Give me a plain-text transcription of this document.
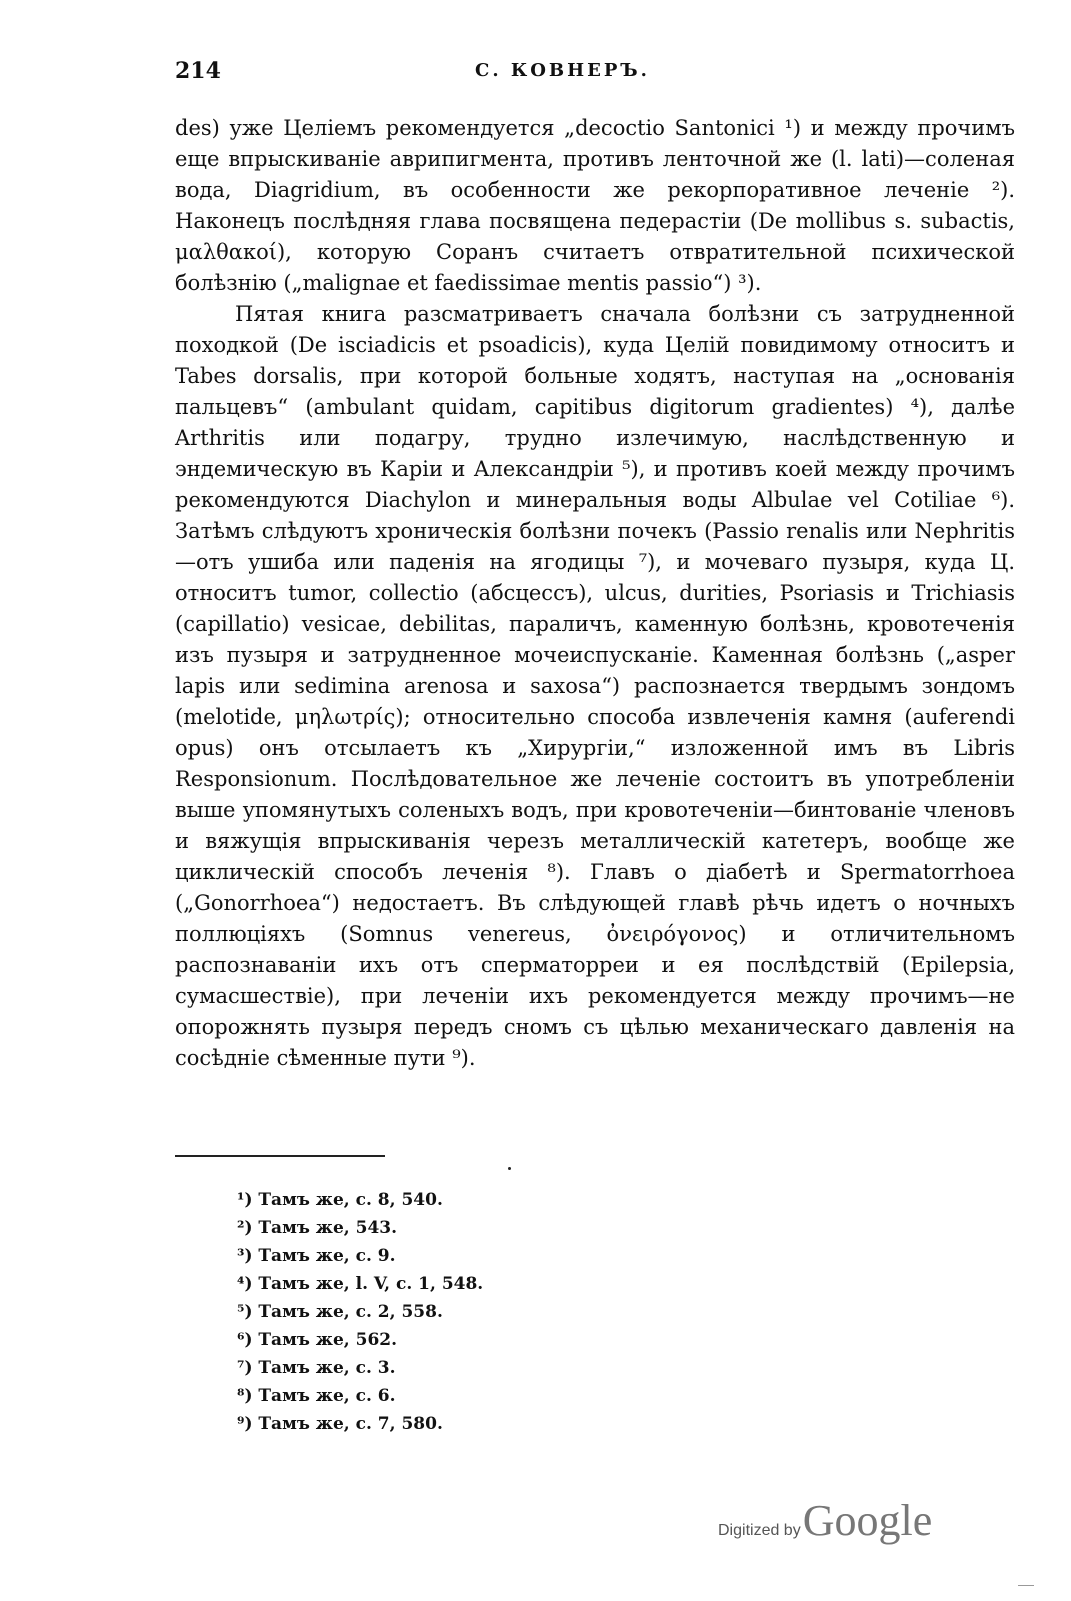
214	С. КОВНЕРЪ.

des) уже Целіемъ рекомендуется „decoctio Santonici ¹) и между прочимъ еще впрыскиваніе аврипигмента, противъ ленточной же (l. lati)—соленая вода, Diagridium, въ особенности же рекорпоративное леченіе ²). Наконецъ послѣдняя глава посвящена педерастіи (De mollibus s. subactis, μαλθακοί), которую Соранъ считаетъ отвратительной психической болѣзнію („malignae et faedissimae mentis passio“) ³).

Пятая книга разсматриваетъ сначала болѣзни съ затрудненной походкой (De isciadicis et psoadicis), куда Целій повидимому относитъ и Tabes dorsalis, при которой больные ходятъ, наступая на „основанія пальцевъ“ (ambulant quidam, capitibus digitorum gradientes) ⁴), далѣе Arthritis или подагру, трудно излечимую, наслѣдственную и эндемическую въ Каріи и Александріи ⁵), и противъ коей между прочимъ рекомендуются Diachylon и минеральныя воды Albulae vel Cotiliae ⁶). Затѣмъ слѣдуютъ хроническія болѣзни почекъ (Passio renalis или Nephritis—отъ ушиба или паденія на ягодицы ⁷), и мочеваго пузыря, куда Ц. относитъ tumor, collectio (абсцессъ), ulcus, durities, Psoriasis и Trichiasis (capillatio) vesicae, debilitas, параличъ, каменную болѣзнь, кровотеченія изъ пузыря и затрудненное мочеиспусканіе. Каменная болѣзнь („asper lapis или sedimina arenosa и saxosa“) распознается твердымъ зондомъ (melotide, μηλωτρίς); относительно способа извлеченія камня (auferendi opus) онъ отсылаетъ къ „Хирургіи,“ изложенной имъ въ Libris Responsionum. Послѣдовательное же леченіе состоитъ въ употребленіи выше упомянутыхъ соленыхъ водъ, при кровотеченіи—бинтованіе членовъ и вяжущія впрыскиванія черезъ металлическій катетеръ, вообще же циклическій способъ леченія ⁸). Главъ о діабетѣ и Spermatorrhoea („Gonorrhoea“) недостаетъ. Въ слѣдующей главѣ рѣчь идетъ о ночныхъ поллюціяхъ (Somnus venereus, ὀνειρόγονος) и отличительномъ распознаваніи ихъ отъ сперматорреи и ея послѣдствій (Epilepsia, сумасшествіе), при леченіи ихъ рекомендуется между прочимъ—не опорожнять пузыря передъ сномъ съ цѣлью механическаго давленія на сосѣдніе сѣменные пути ⁹).

¹) Тамъ же, с. 8, 540.
²) Тамъ же, 543.
³) Тамъ же, с. 9.
⁴) Тамъ же, l. V, c. 1, 548.
⁵) Тамъ же, с. 2, 558.
⁶) Тамъ же, 562.
⁷) Тамъ же, с. 3.
⁸) Тамъ же, с. 6.
⁹) Тамъ же, с. 7, 580.
Digitized by Google
